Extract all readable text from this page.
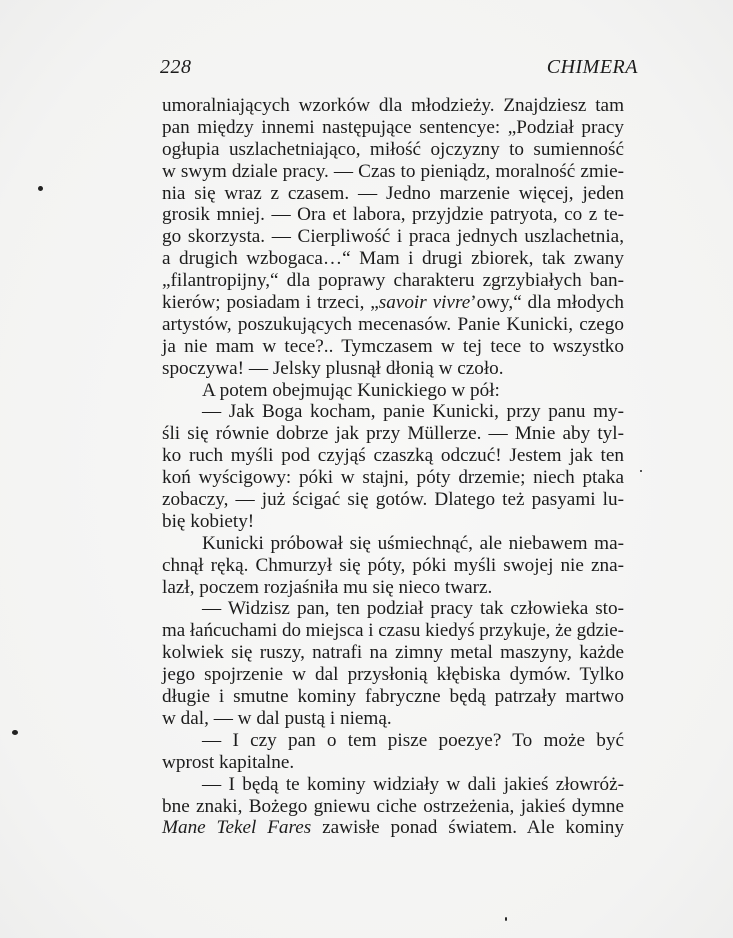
228	CHIMERA
umoralniających wzorków dla młodzieży. Znajdziesz tam
pan między innemi następujące sentencye: „Podział pracy
ogłupia uszlachetniająco, miłość ojczyzny to sumienność
w swym dziale pracy. — Czas to pieniądz, moralność zmie-
nia się wraz z czasem. — Jedno marzenie więcej, jeden
grosik mniej. — Ora et labora, przyjdzie patryota, co z te-
go skorzysta. — Cierpliwość i praca jednych uszlachetnia,
a drugich wzbogaca…“ Mam i drugi zbiorek, tak zwany
„filantropijny,“ dla poprawy charakteru zgrzybiałych ban-
kierów; posiadam i trzeci, „savoir vivre’owy,“ dla młodych
artystów, poszukujących mecenasów. Panie Kunicki, czego
ja nie mam w tece?.. Tymczasem w tej tece to wszystko
spoczywa! — Jelsky plusnął dłonią w czoło.
A potem obejmując Kunickiego w pół:
— Jak Boga kocham, panie Kunicki, przy panu my-
śli się równie dobrze jak przy Müllerze. — Mnie aby tyl-
ko ruch myśli pod czyjąś czaszką odczuć! Jestem jak ten
koń wyścigowy: póki w stajni, póty drzemie; niech ptaka
zobaczy, — już ścigać się gotów. Dlatego też pasyami lu-
bię kobiety!
Kunicki próbował się uśmiechnąć, ale niebawem ma-
chnął ręką. Chmurzył się póty, póki myśli swojej nie zna-
lazł, poczem rozjaśniła mu się nieco twarz.
— Widzisz pan, ten podział pracy tak człowieka sto-
ma łańcuchami do miejsca i czasu kiedyś przykuje, że gdzie-
kolwiek się ruszy, natrafi na zimny metal maszyny, każde
jego spojrzenie w dal przysłonią kłębiska dymów. Tylko
długie i smutne kominy fabryczne będą patrzały martwo
w dal, — w dal pustą i niemą.
— I czy pan o tem pisze poezye? To może być
wprost kapitalne.
— I będą te kominy widziały w dali jakieś złowróż-
bne znaki, Bożego gniewu ciche ostrzeżenia, jakieś dymne
Mane Tekel Fares zawisłe ponad światem. Ale kominy
